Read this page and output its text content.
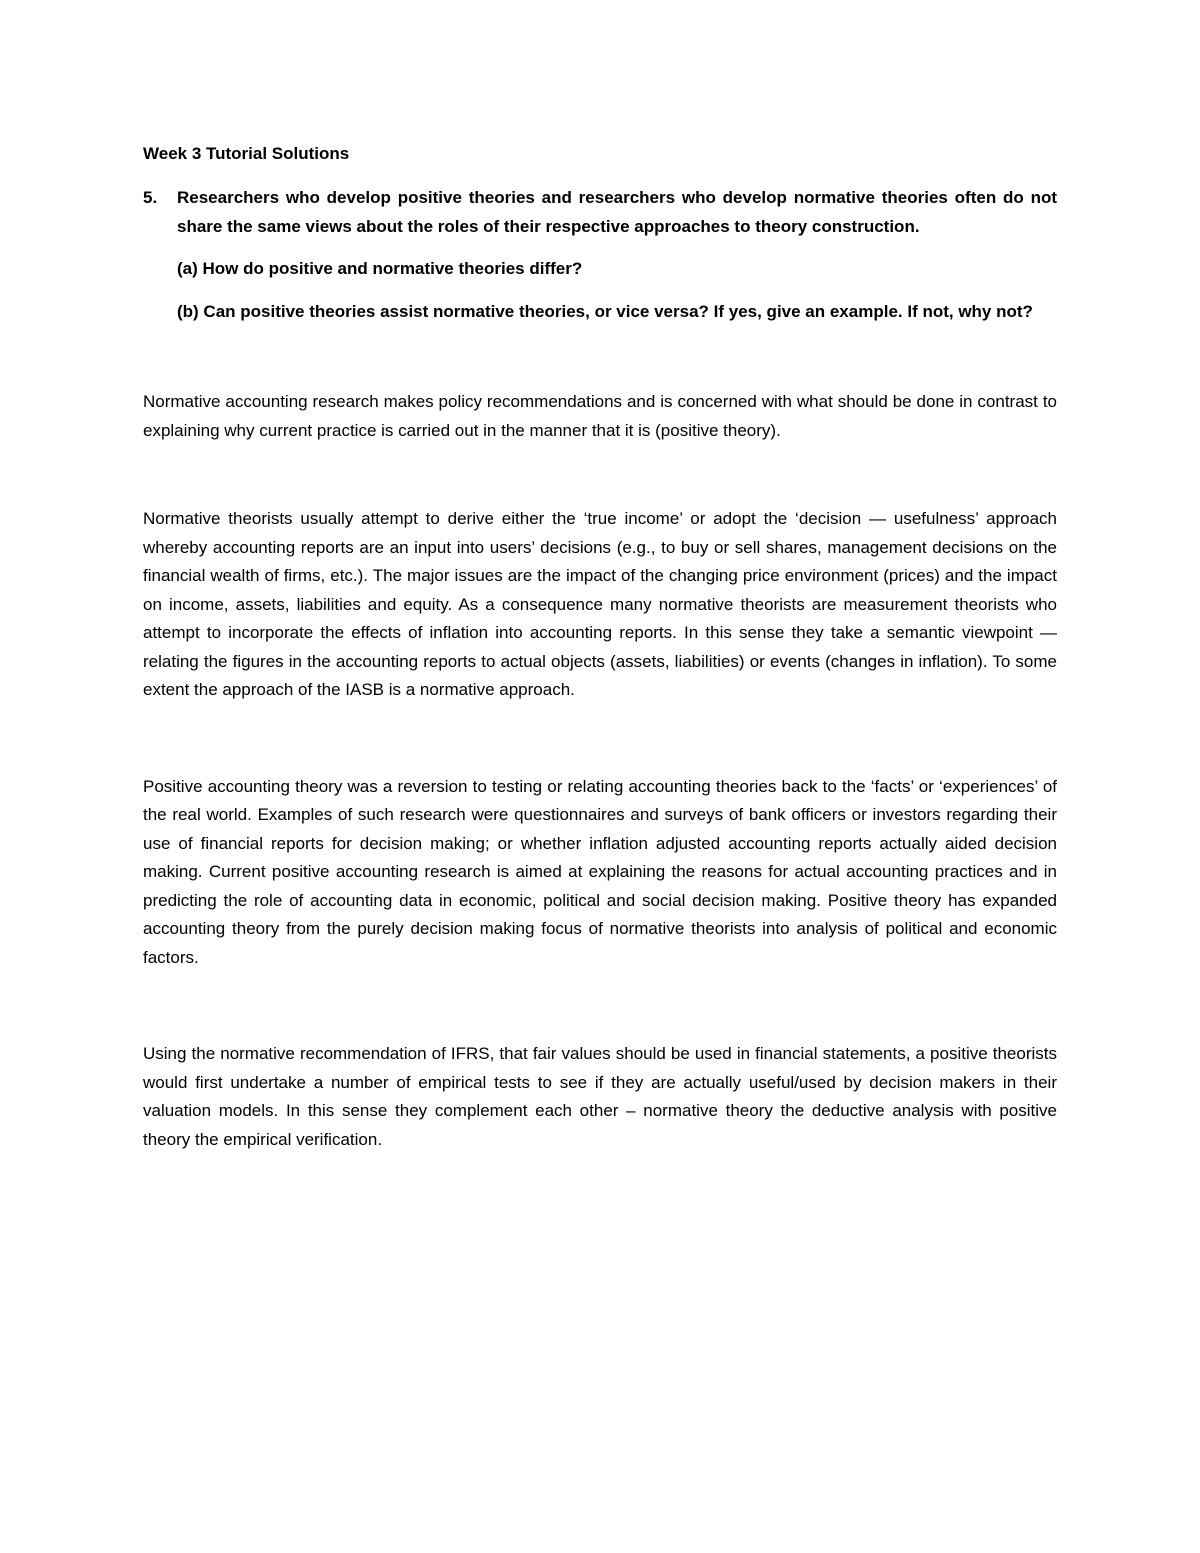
Week 3 Tutorial Solutions
5.	Researchers who develop positive theories and researchers who develop normative theories often do not share the same views about the roles of their respective approaches to theory construction.
(a) How do positive and normative theories differ?
(b) Can positive theories assist normative theories, or vice versa? If yes, give an example. If not, why not?

Normative accounting research makes policy recommendations and is concerned with what should be done in contrast to explaining why current practice is carried out in the manner that it is (positive theory).

Normative theorists usually attempt to derive either the ‘true income’ or adopt the ‘decision — usefulness’ approach whereby accounting reports are an input into users’ decisions (e.g., to buy or sell shares, management decisions on the financial wealth of firms, etc.). The major issues are the impact of the changing price environment (prices) and the impact on income, assets, liabilities and equity. As a consequence many normative theorists are measurement theorists who attempt to incorporate the effects of inflation into accounting reports. In this sense they take a semantic viewpoint — relating the figures in the accounting reports to actual objects (assets, liabilities) or events (changes in inflation). To some extent the approach of the IASB is a normative approach.

Positive accounting theory was a reversion to testing or relating accounting theories back to the ‘facts’ or ‘experiences’ of the real world. Examples of such research were questionnaires and surveys of bank officers or investors regarding their use of financial reports for decision making; or whether inflation adjusted accounting reports actually aided decision making. Current positive accounting research is aimed at explaining the reasons for actual accounting practices and in predicting the role of accounting data in economic, political and social decision making. Positive theory has expanded accounting theory from the purely decision making focus of normative theorists into analysis of political and economic factors.

Using the normative recommendation of IFRS, that fair values should be used in financial statements, a positive theorists would first undertake a number of empirical tests to see if they are actually useful/used by decision makers in their valuation models. In this sense they complement each other – normative theory the deductive analysis with positive theory the empirical verification.
